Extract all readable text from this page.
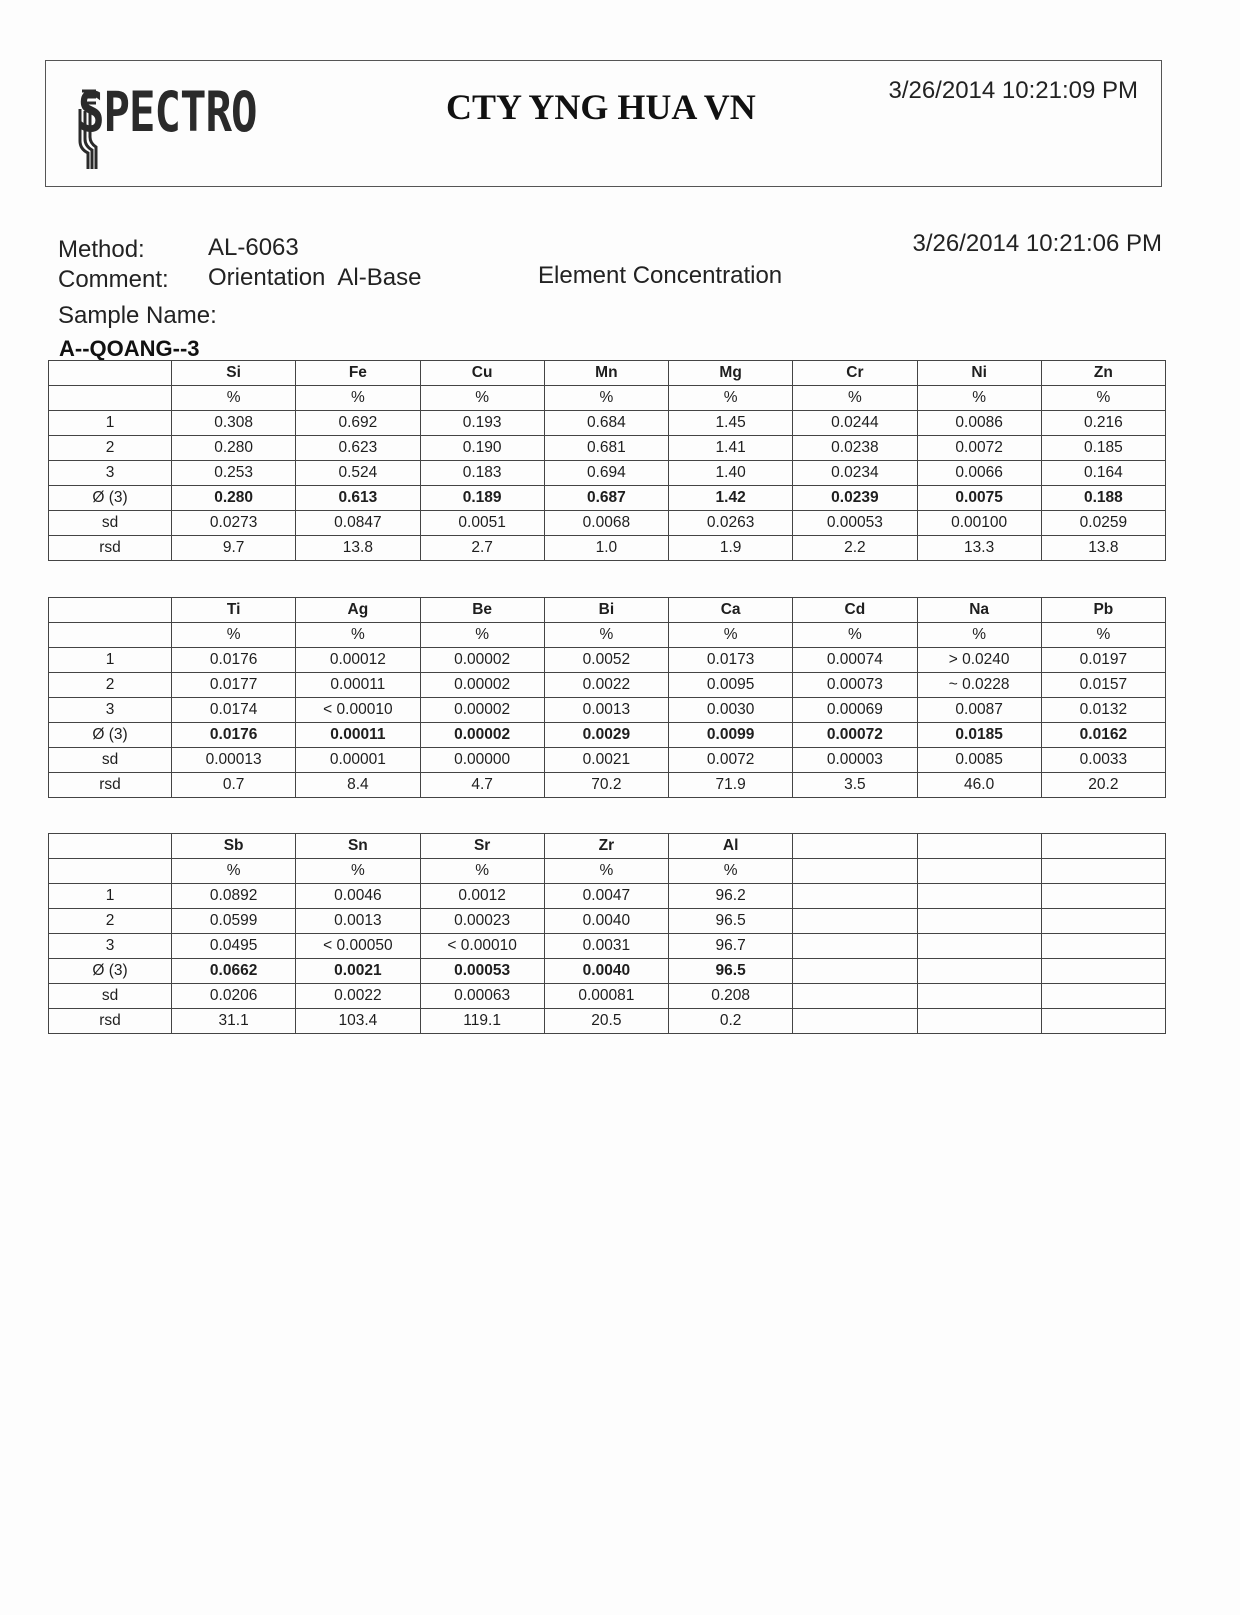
SPECTRO	CTY YNG HUA VN	3/26/2014 10:21:09 PM
Method:	AL-6063
Comment: Orientation  Al-Base	Element Concentration
3/26/2014 10:21:06 PM
Sample Name:
A--QOANG--3
	Si	Fe	Cu	Mn	Mg	Cr	Ni	Zn
	%	%	%	%	%	%	%	%
1	0.308	0.692	0.193	0.684	1.45	0.0244	0.0086	0.216
2	0.280	0.623	0.190	0.681	1.41	0.0238	0.0072	0.185
3	0.253	0.524	0.183	0.694	1.40	0.0234	0.0066	0.164
Ø (3)	0.280	0.613	0.189	0.687	1.42	0.0239	0.0075	0.188
sd	0.0273	0.0847	0.0051	0.0068	0.0263	0.00053	0.00100	0.0259
rsd	9.7	13.8	2.7	1.0	1.9	2.2	13.3	13.8
	Ti	Ag	Be	Bi	Ca	Cd	Na	Pb
	%	%	%	%	%	%	%	%
1	0.0176	0.00012	0.00002	0.0052	0.0173	0.00074	> 0.0240	0.0197
2	0.0177	0.00011	0.00002	0.0022	0.0095	0.00073	~ 0.0228	0.0157
3	0.0174	< 0.00010	0.00002	0.0013	0.0030	0.00069	0.0087	0.0132
Ø (3)	0.0176	0.00011	0.00002	0.0029	0.0099	0.00072	0.0185	0.0162
sd	0.00013	0.00001	0.00000	0.0021	0.0072	0.00003	0.0085	0.0033
rsd	0.7	8.4	4.7	70.2	71.9	3.5	46.0	20.2
	Sb	Sn	Sr	Zr	Al			
	%	%	%	%	%			
1	0.0892	0.0046	0.0012	0.0047	96.2			
2	0.0599	0.0013	0.00023	0.0040	96.5			
3	0.0495	< 0.00050	< 0.00010	0.0031	96.7			
Ø (3)	0.0662	0.0021	0.00053	0.0040	96.5			
sd	0.0206	0.0022	0.00063	0.00081	0.208			
rsd	31.1	103.4	119.1	20.5	0.2			
